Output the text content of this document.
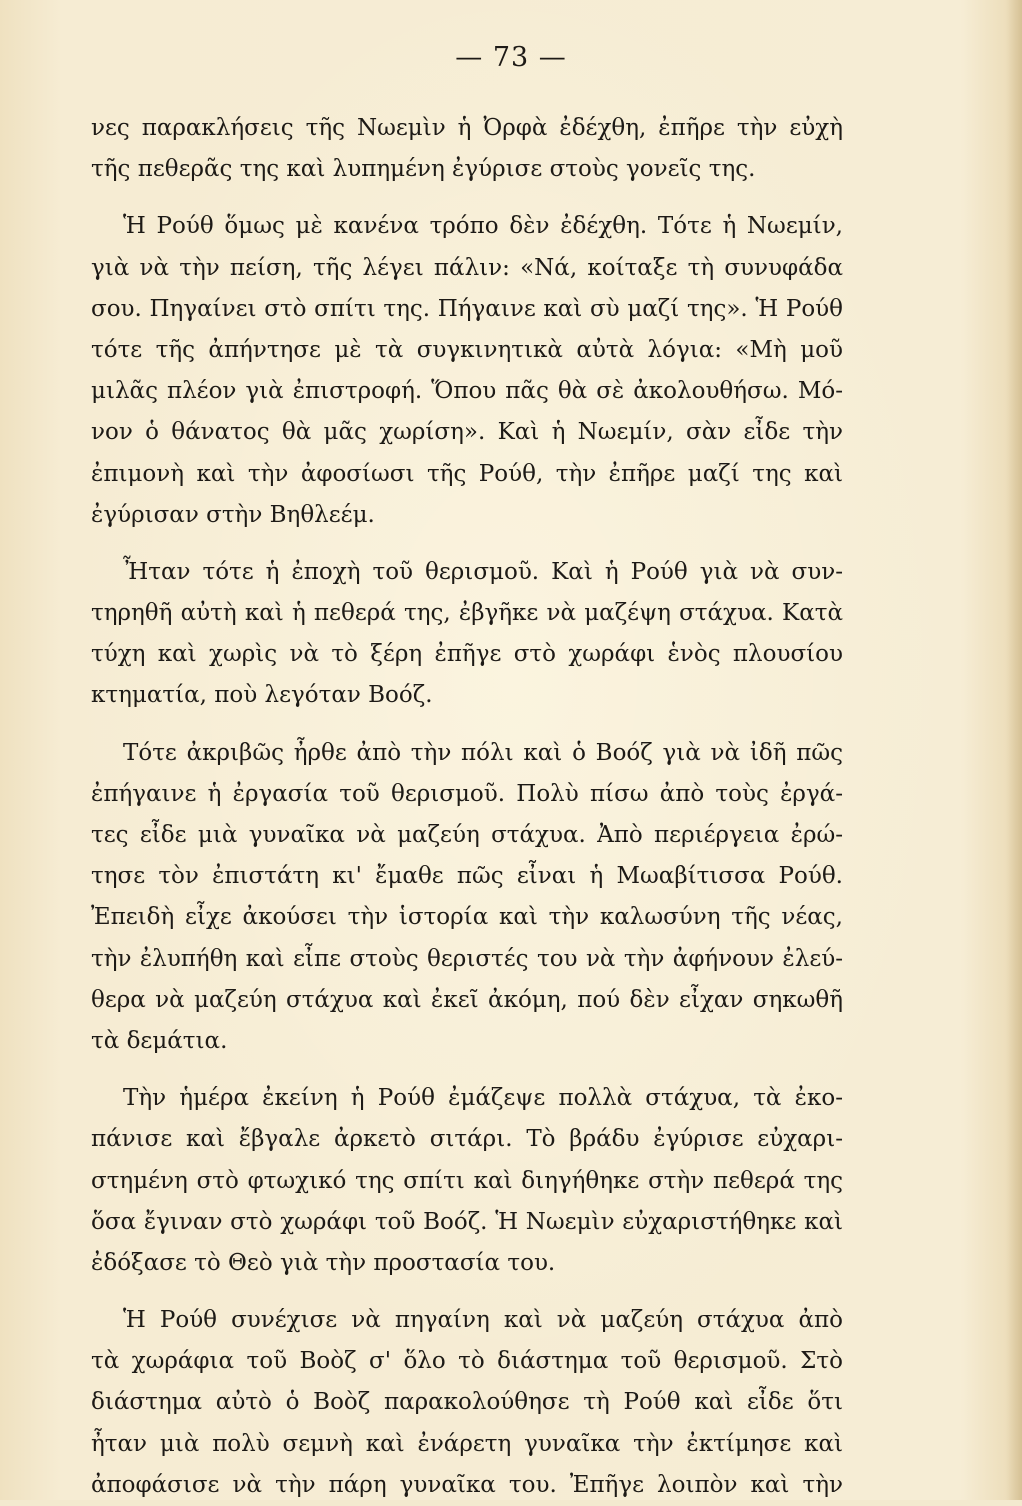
— 73 —
νες παρακλήσεις τῆς Νωεμὶν ἡ Ὀρφὰ ἐδέχθη, ἐπῆρε τὴν εὐχὴ
τῆς πεθερᾶς της καὶ λυπημένη ἐγύρισε στοὺς γονεῖς της.
Ἡ Ρούθ ὅμως μὲ κανένα τρόπο δὲν ἐδέχθη. Τότε ἡ Νωεμίν,
γιὰ νὰ τὴν πείση, τῆς λέγει πάλιν: «Νά, κοίταξε τὴ συνυφάδα
σου. Πηγαίνει στὸ σπίτι της. Πήγαινε καὶ σὺ μαζί της». Ἡ Ρούθ
τότε τῆς ἀπήντησε μὲ τὰ συγκινητικὰ αὐτὰ λόγια: «Μὴ μοῦ
μιλᾶς πλέον γιὰ ἐπιστροφή. Ὅπου πᾶς θὰ σὲ ἀκολουθήσω. Μό-
νον ὁ θάνατος θὰ μᾶς χωρίση». Καὶ ἡ Νωεμίν, σὰν εἶδε τὴν
ἐπιμονὴ καὶ τὴν ἀφοσίωσι τῆς Ρούθ, τὴν ἐπῆρε μαζί της καὶ
ἐγύρισαν στὴν Βηθλεέμ.
Ἦταν τότε ἡ ἐποχὴ τοῦ θερισμοῦ. Καὶ ἡ Ρούθ γιὰ νὰ συν-
τηρηθῆ αὐτὴ καὶ ἡ πεθερά της, ἐβγῆκε νὰ μαζέψη στάχυα. Κατὰ
τύχη καὶ χωρὶς νὰ τὸ ξέρη ἐπῆγε στὸ χωράφι ἑνὸς πλουσίου
κτηματία, ποὺ λεγόταν Βοόζ.
Τότε ἀκριβῶς ἦρθε ἀπὸ τὴν πόλι καὶ ὁ Βοόζ γιὰ νὰ ἰδῆ πῶς
ἐπήγαινε ἡ ἐργασία τοῦ θερισμοῦ. Πολὺ πίσω ἀπὸ τοὺς ἐργά-
τες εἶδε μιὰ γυναῖκα νὰ μαζεύη στάχυα. Ἀπὸ περιέργεια ἐρώ-
τησε τὸν ἐπιστάτη κι' ἔμαθε πῶς εἶναι ἡ Μωαβίτισσα Ρούθ.
Ἐπειδὴ εἶχε ἀκούσει τὴν ἱστορία καὶ τὴν καλωσύνη τῆς νέας,
τὴν ἐλυπήθη καὶ εἶπε στοὺς θεριστές του νὰ τὴν ἀφήνουν ἐλεύ-
θερα νὰ μαζεύη στάχυα καὶ ἐκεῖ ἀκόμη, πού δὲν εἶχαν σηκωθῆ
τὰ δεμάτια.
Τὴν ἡμέρα ἐκείνη ἡ Ρούθ ἐμάζεψε πολλὰ στάχυα, τὰ ἐκο-
πάνισε καὶ ἔβγαλε ἀρκετὸ σιτάρι. Τὸ βράδυ ἐγύρισε εὐχαρι-
στημένη στὸ φτωχικό της σπίτι καὶ διηγήθηκε στὴν πεθερά της
ὅσα ἔγιναν στὸ χωράφι τοῦ Βοόζ. Ἡ Νωεμὶν εὐχαριστήθηκε καὶ
ἐδόξασε τὸ Θεὸ γιὰ τὴν προστασία του.
Ἡ Ρούθ συνέχισε νὰ πηγαίνη καὶ νὰ μαζεύη στάχυα ἀπὸ
τὰ χωράφια τοῦ Βοὸζ σ' ὅλο τὸ διάστημα τοῦ θερισμοῦ. Στὸ
διάστημα αὐτὸ ὁ Βοὸζ παρακολούθησε τὴ Ρούθ καὶ εἶδε ὅτι
ἦταν μιὰ πολὺ σεμνὴ καὶ ἐνάρετη γυναῖκα τὴν ἐκτίμησε καὶ
ἀποφάσισε νὰ τὴν πάρη γυναῖκα του. Ἐπῆγε λοιπὸν καὶ τὴν
